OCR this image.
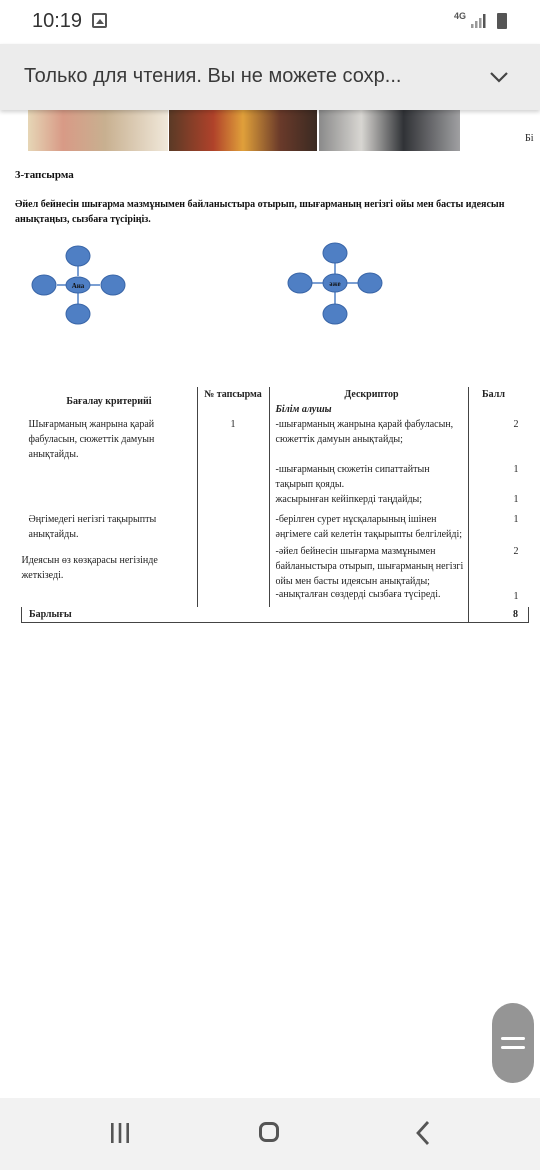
10:19	4G
Только для чтения. Вы не можете сохр...
Бі
3-тапсырма
Әйел бейнесін шығарма мазмұнымен байланыстыра отырып, шығарманың негізгі ойы мен басты идеясын анықтаңыз, сызбаға түсіріңіз.
Ана	әже
Бағалау критерийі	№ тапсырма	Дескриптор
Білім алушы	Балл

Шығарманың жанрына қарай фабуласын, сюжеттік дамуын анықтайды.	1	-шығарманың жанрына қарай фабуласын, сюжеттік дамуын анықтайды;	2

		-шығарманың сюжетін сипаттайтын тақырып қояды.	1

		жасырынған кейіпкерді таңдайды;	1

Әңгімедегі негізгі тақырыпты анықтайды.		-берілген сурет нұсқаларының ішінен әңгімеге сай келетін тақырыпты белгілейді;	1

Идеясын өз көзқарасы негізінде жеткізеді.		-әйел бейнесін шығарма мазмұнымен байланыстыра отырып, шығарманың негізгі ойы мен басты идеясын анықтайды;	2

		-анықталған сөздерді сызбаға түсіреді.	1
Барлығы			8
